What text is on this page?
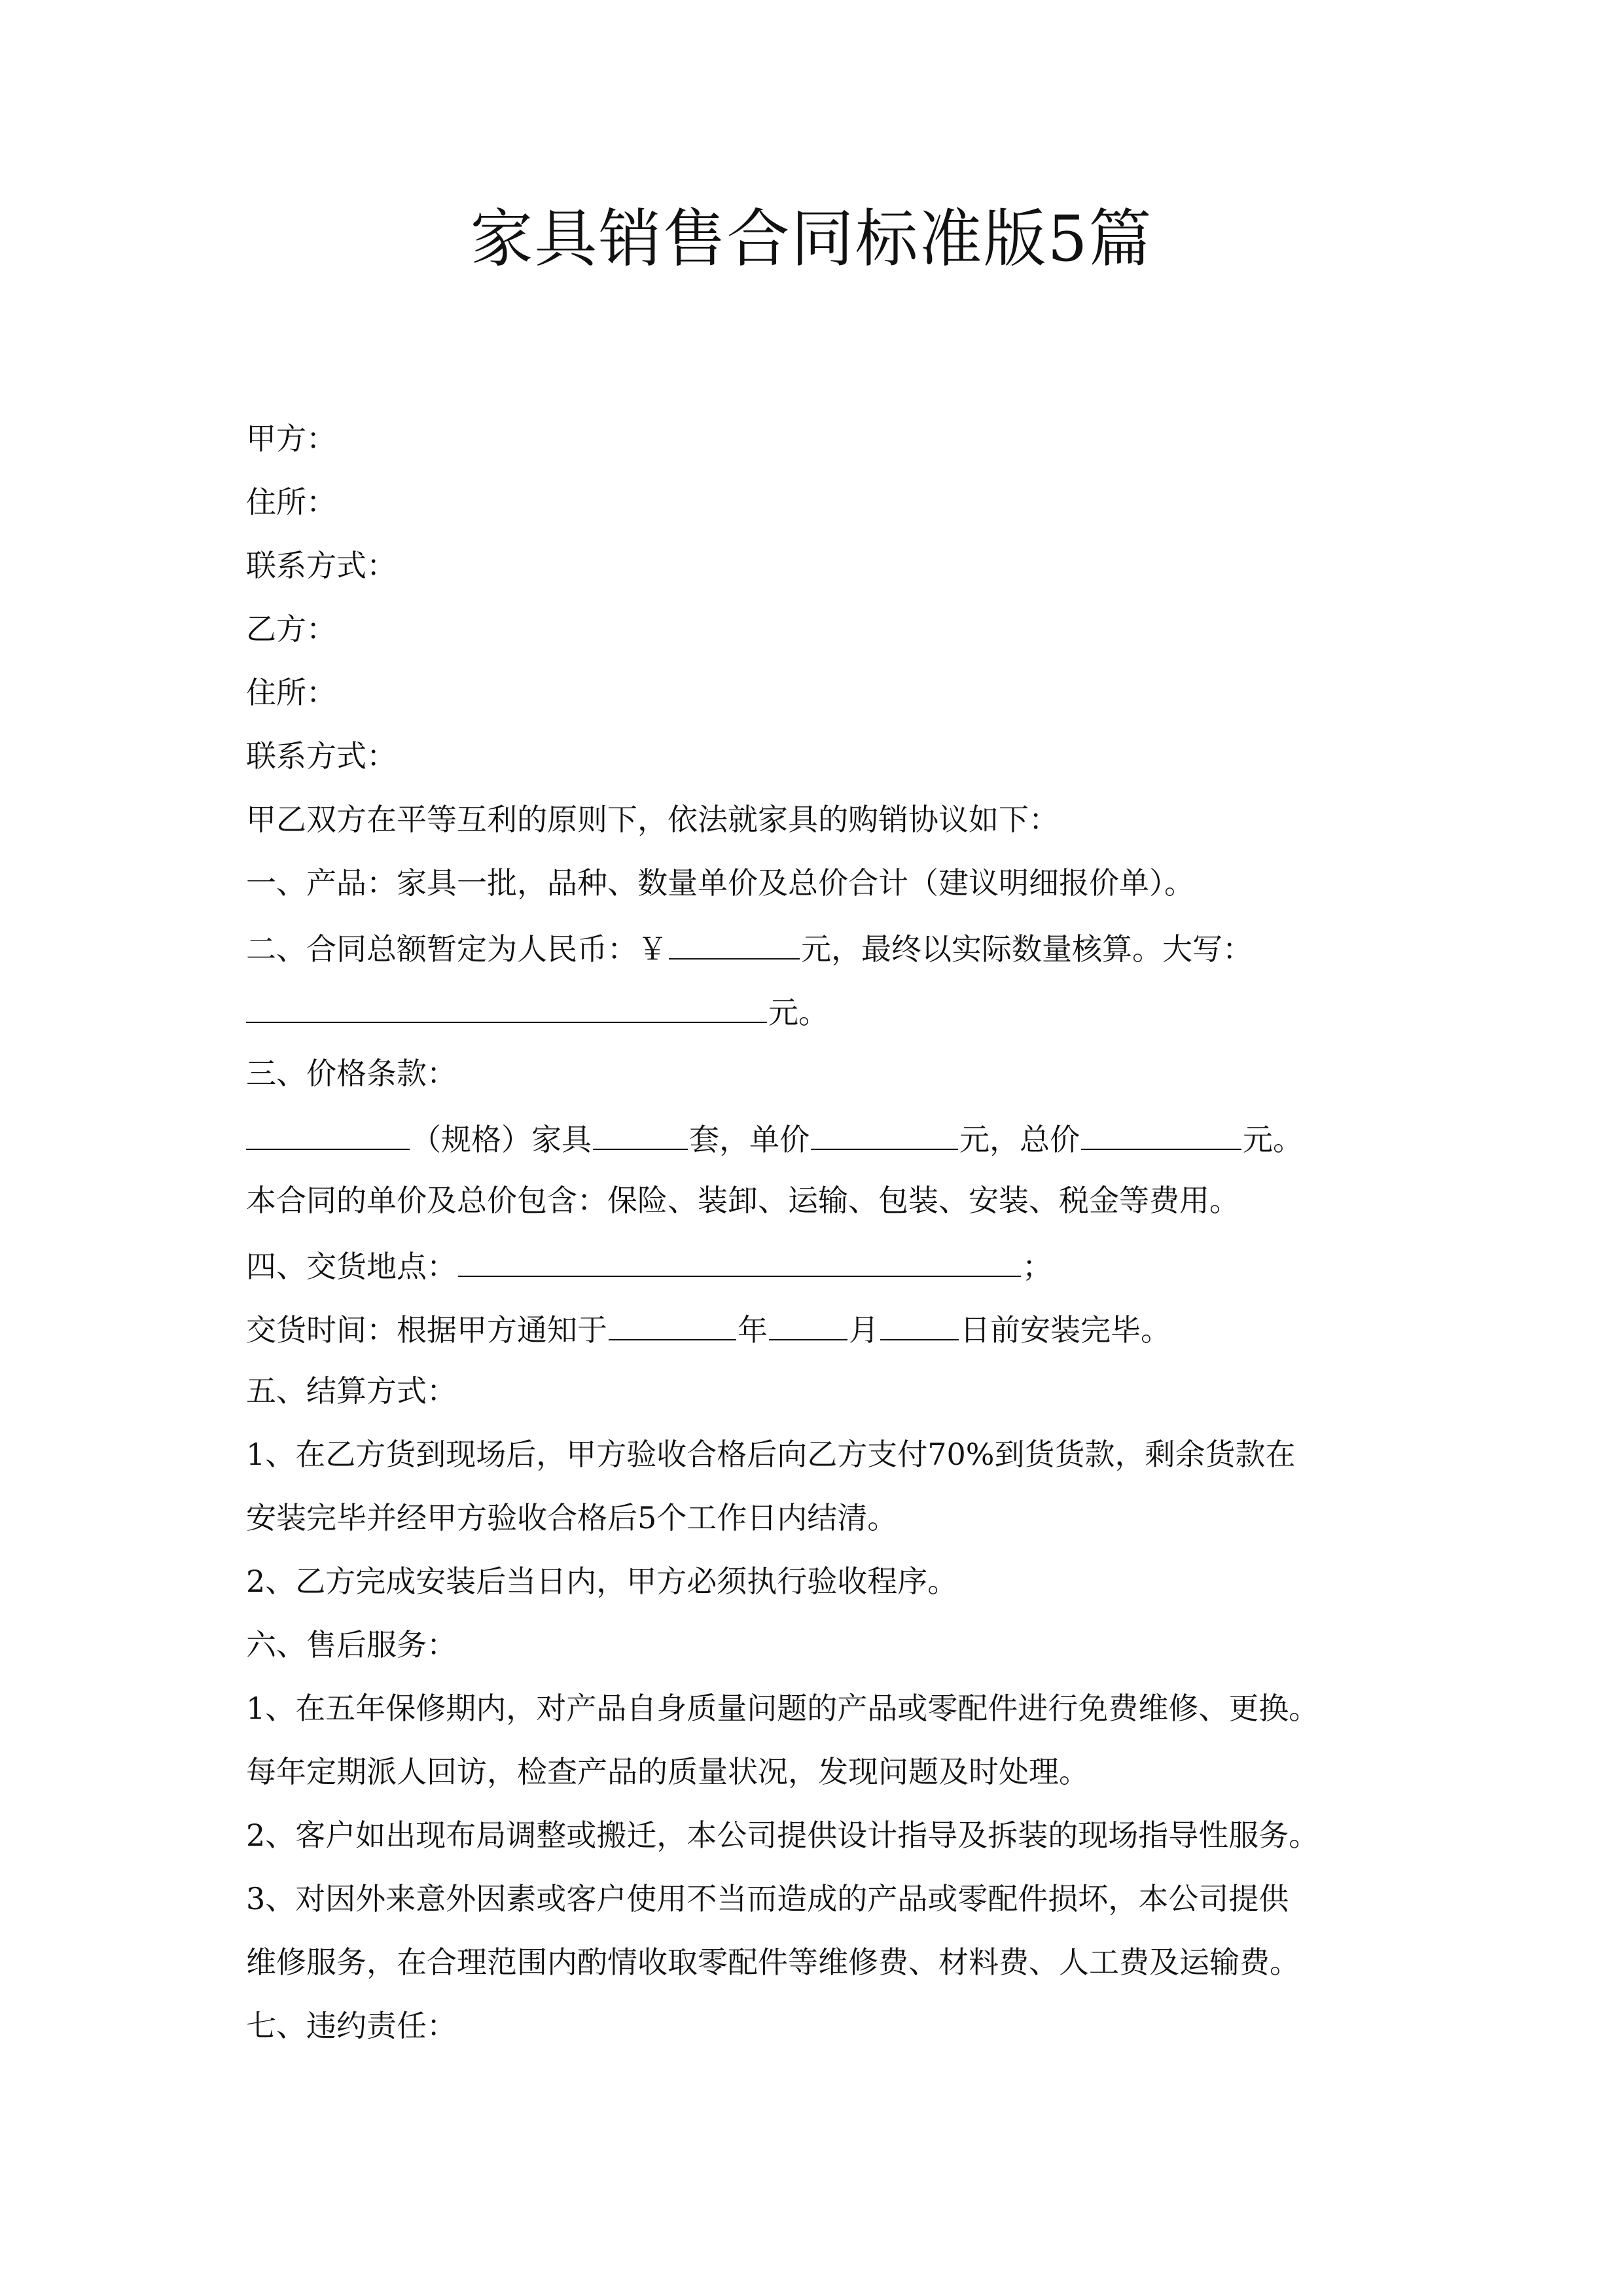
家具销售合同标准版5篇
甲方：
住所：
联系方式：
乙方：
住所：
联系方式：
甲乙双方在平等互利的原则下，依法就家具的购销协议如下：
一、产品：家具一批，品种、数量单价及总价合计（建议明细报价单）。
二、合同总额暂定为人民币：￥	元，最终以实际数量核算。大写：
元。
三、价格条款：
（规格）家具	套，单价	元，总价	元。
本合同的单价及总价包含：保险、装卸、运输、包装、安装、税金等费用。
四、交货地点：	；
交货时间：根据甲方通知于	年	月	日前安装完毕。
五、结算方式：
1、在乙方货到现场后，甲方验收合格后向乙方支付70%到货货款，剩余货款在
安装完毕并经甲方验收合格后5个工作日内结清。
2、乙方完成安装后当日内，甲方必须执行验收程序。
六、售后服务：
1、在五年保修期内，对产品自身质量问题的产品或零配件进行免费维修、更换。
每年定期派人回访，检查产品的质量状况，发现问题及时处理。
2、客户如出现布局调整或搬迁，本公司提供设计指导及拆装的现场指导性服务。
3、对因外来意外因素或客户使用不当而造成的产品或零配件损坏，本公司提供
维修服务，在合理范围内酌情收取零配件等维修费、材料费、人工费及运输费。
七、违约责任：
